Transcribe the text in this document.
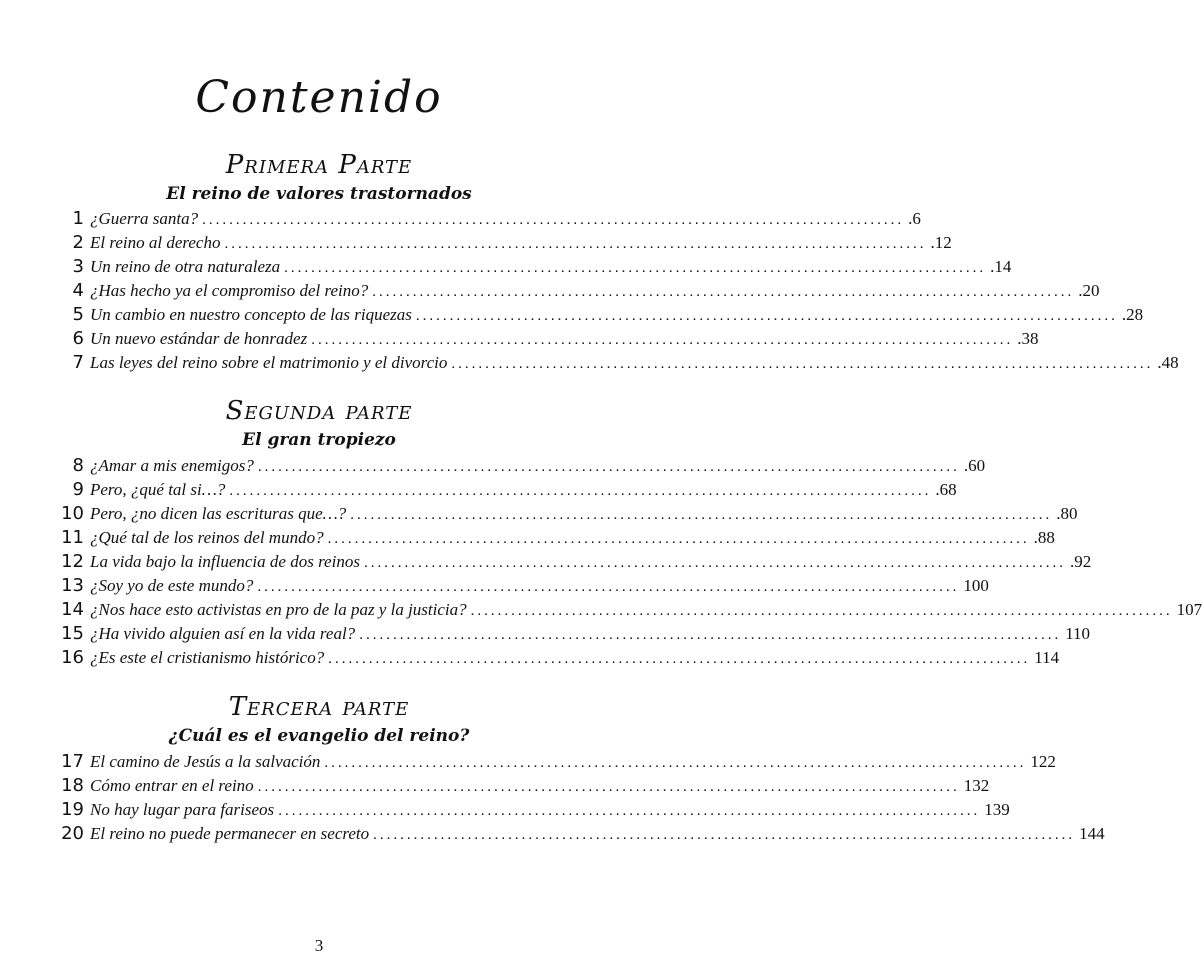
Contenido
Primera Parte
El reino de valores trastornados
1 ¿Guerra santa? ........................................................................................................ .6
2 El reino al derecho ........................................................................................................ .12
3 Un reino de otra naturaleza ........................................................................................................ .14
4 ¿Has hecho ya el compromiso del reino? ........................................................................................................ .20
5 Un cambio en nuestro concepto de las riquezas ........................................................................................................ .28
6 Un nuevo estándar de honradez ........................................................................................................ .38
7 Las leyes del reino sobre el matrimonio y el divorcio ........................................................................................................ .48
Segunda parte
El gran tropiezo
8 ¿Amar a mis enemigos? ........................................................................................................ .60
9 Pero, ¿qué tal si…? ........................................................................................................ .68
10 Pero, ¿no dicen las escrituras que…? ........................................................................................................ .80
11 ¿Qué tal de los reinos del mundo? ........................................................................................................ .88
12 La vida bajo la influencia de dos reinos ........................................................................................................ .92
13 ¿Soy yo de este mundo? ........................................................................................................ 100
14 ¿Nos hace esto activistas en pro de la paz y la justicia? ........................................................................................................ 107
15 ¿Ha vivido alguien así en la vida real? ........................................................................................................ 110
16 ¿Es este el cristianismo histórico? ........................................................................................................ 114
Tercera parte
¿Cuál es el evangelio del reino?
17 El camino de Jesús a la salvación ........................................................................................................ 122
18 Cómo entrar en el reino ........................................................................................................ 132
19 No hay lugar para fariseos ........................................................................................................ 139
20 El reino no puede permanecer en secreto ........................................................................................................ 144
3
